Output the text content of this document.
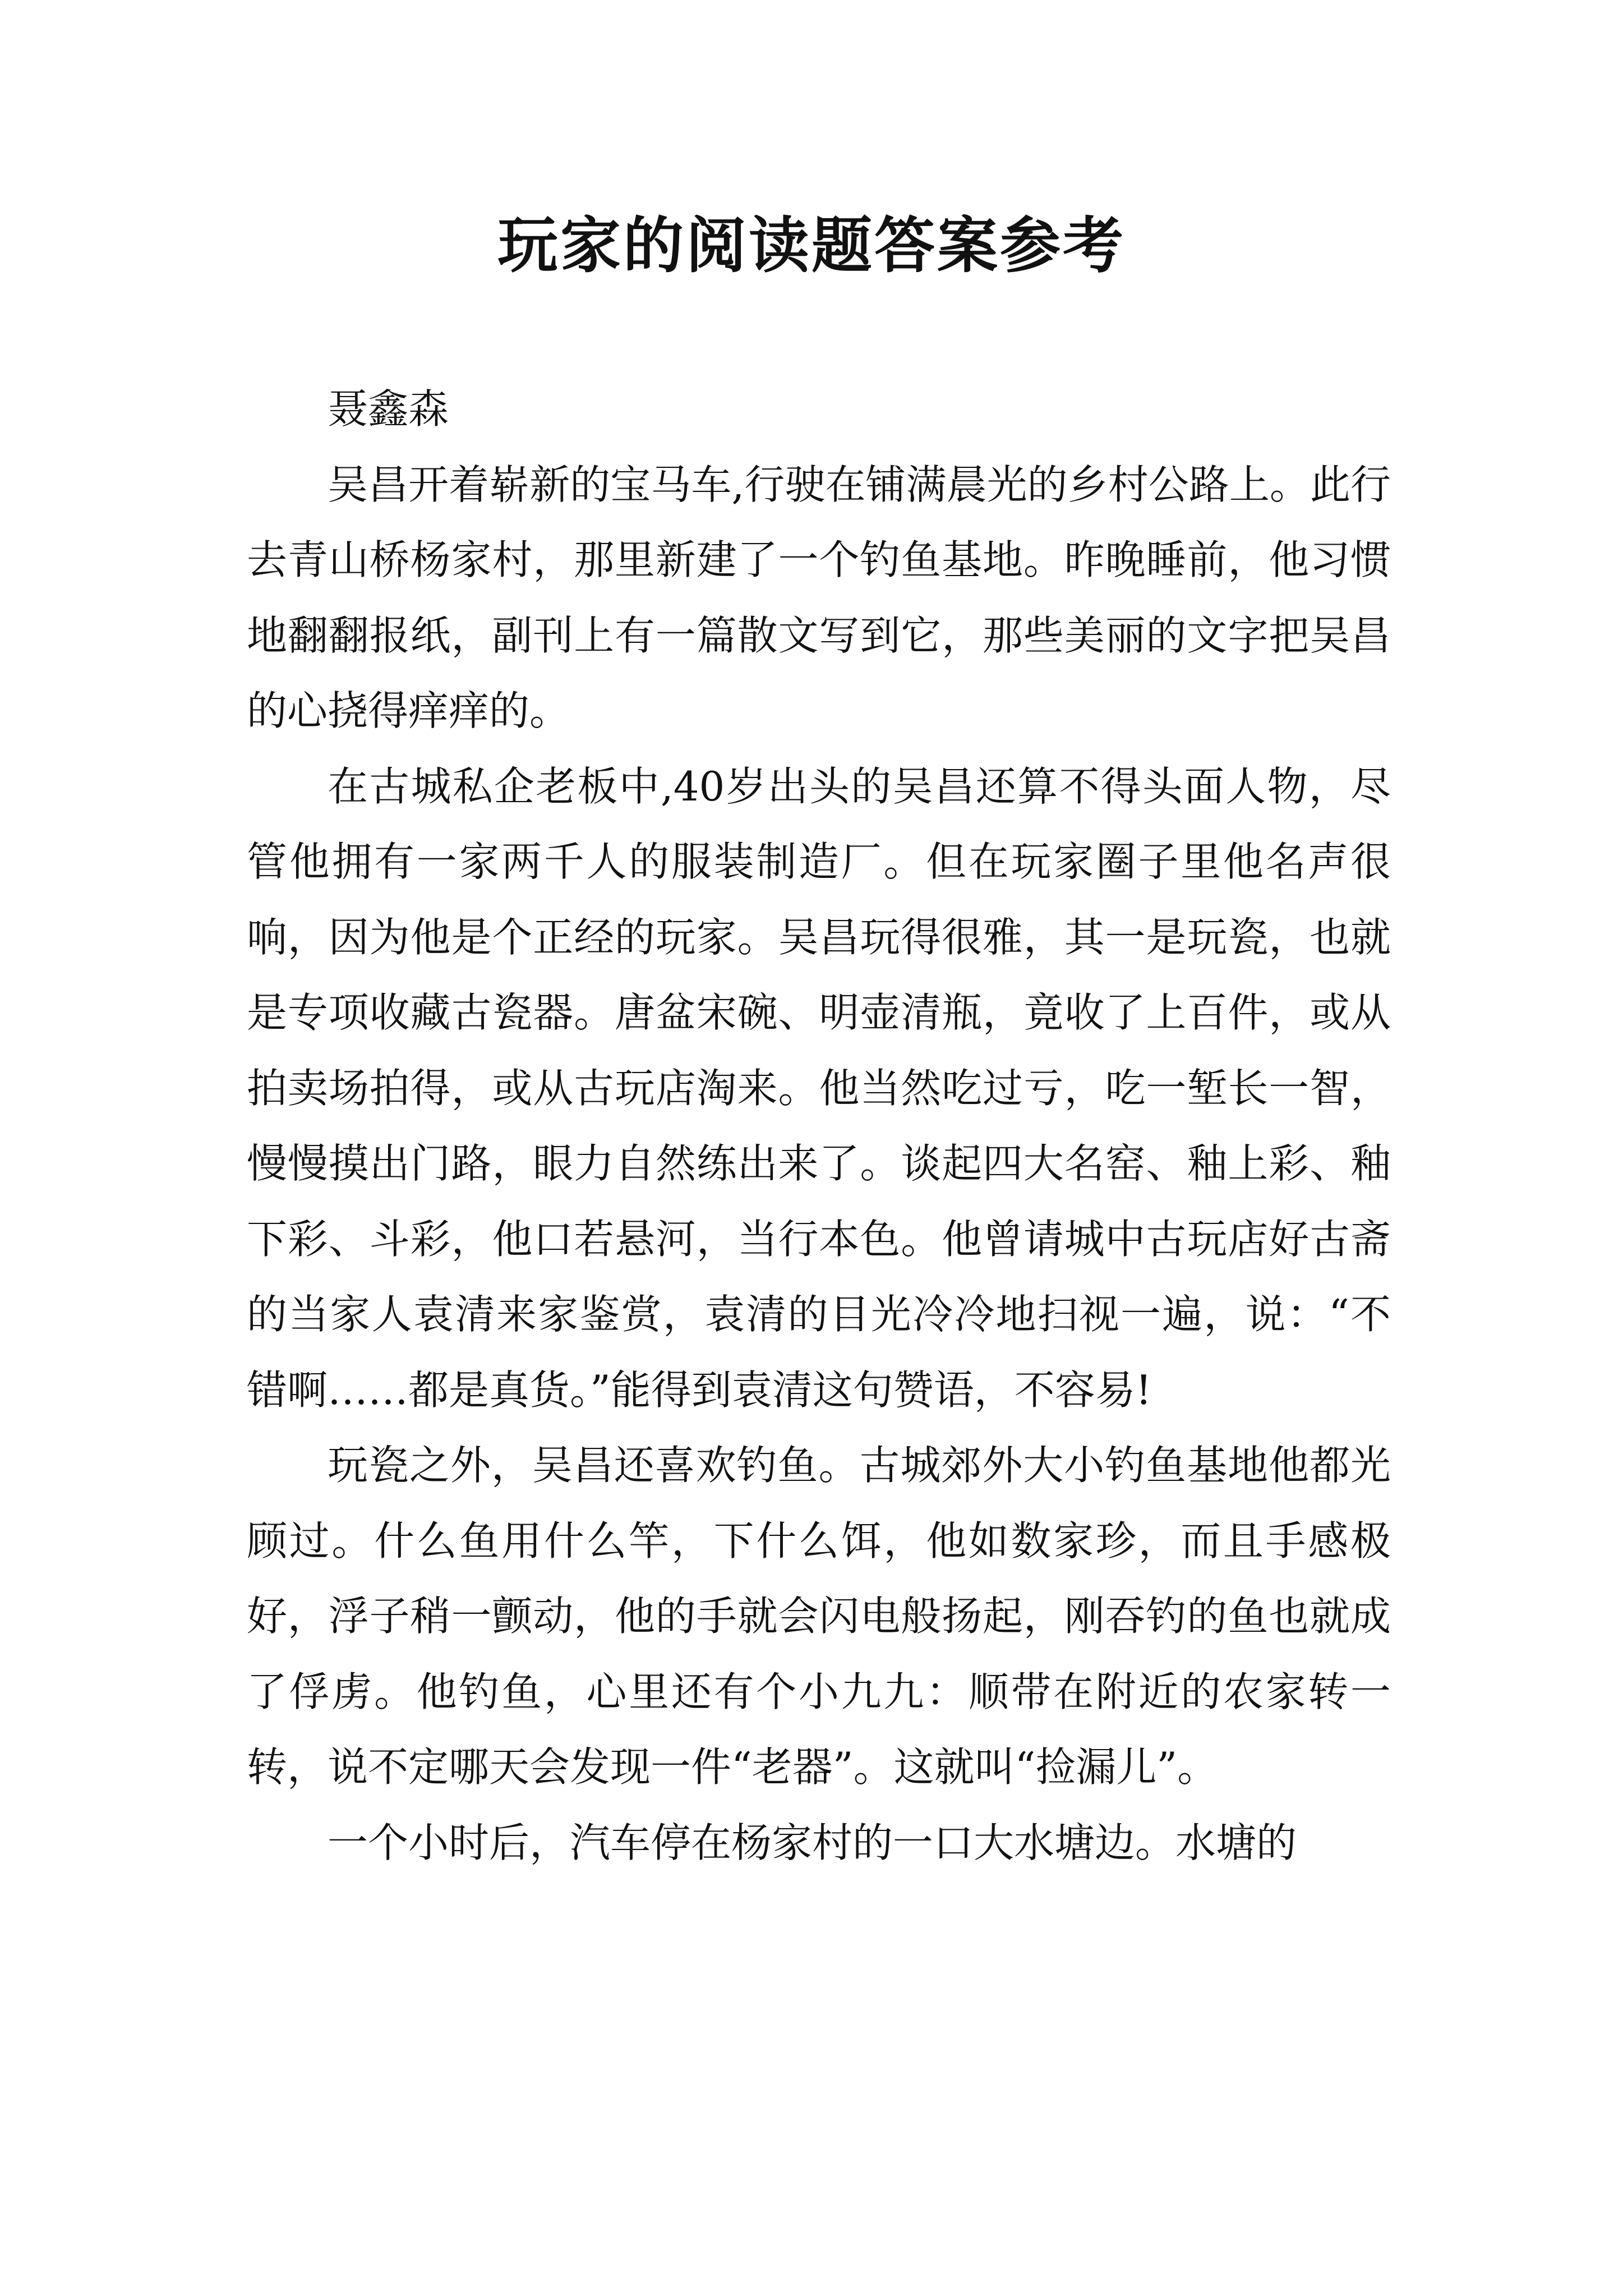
玩家的阅读题答案参考

聂鑫森

吴昌开着崭新的宝马车,行驶在铺满晨光的乡村公路上。此行去青山桥杨家村，那里新建了一个钓鱼基地。昨晚睡前，他习惯地翻翻报纸，副刊上有一篇散文写到它，那些美丽的文字把吴昌的心挠得痒痒的。

在古城私企老板中,40岁出头的吴昌还算不得头面人物，尽管他拥有一家两千人的服装制造厂。但在玩家圈子里他名声很响，因为他是个正经的玩家。吴昌玩得很雅，其一是玩瓷，也就是专项收藏古瓷器。唐盆宋碗、明壶清瓶，竟收了上百件，或从拍卖场拍得，或从古玩店淘来。他当然吃过亏，吃一堑长一智，慢慢摸出门路，眼力自然练出来了。谈起四大名窑、釉上彩、釉下彩、斗彩，他口若悬河，当行本色。他曾请城中古玩店好古斋的当家人袁清来家鉴赏，袁清的目光冷冷地扫视一遍，说：“不错啊……都是真货。”能得到袁清这句赞语，不容易!

玩瓷之外，吴昌还喜欢钓鱼。古城郊外大小钓鱼基地他都光顾过。什么鱼用什么竿，下什么饵，他如数家珍，而且手感极好，浮子稍一颤动，他的手就会闪电般扬起，刚吞钓的鱼也就成了俘虏。他钓鱼，心里还有个小九九：顺带在附近的农家转一转，说不定哪天会发现一件“老器”。这就叫“捡漏儿”。

一个小时后，汽车停在杨家村的一口大水塘边。水塘的
